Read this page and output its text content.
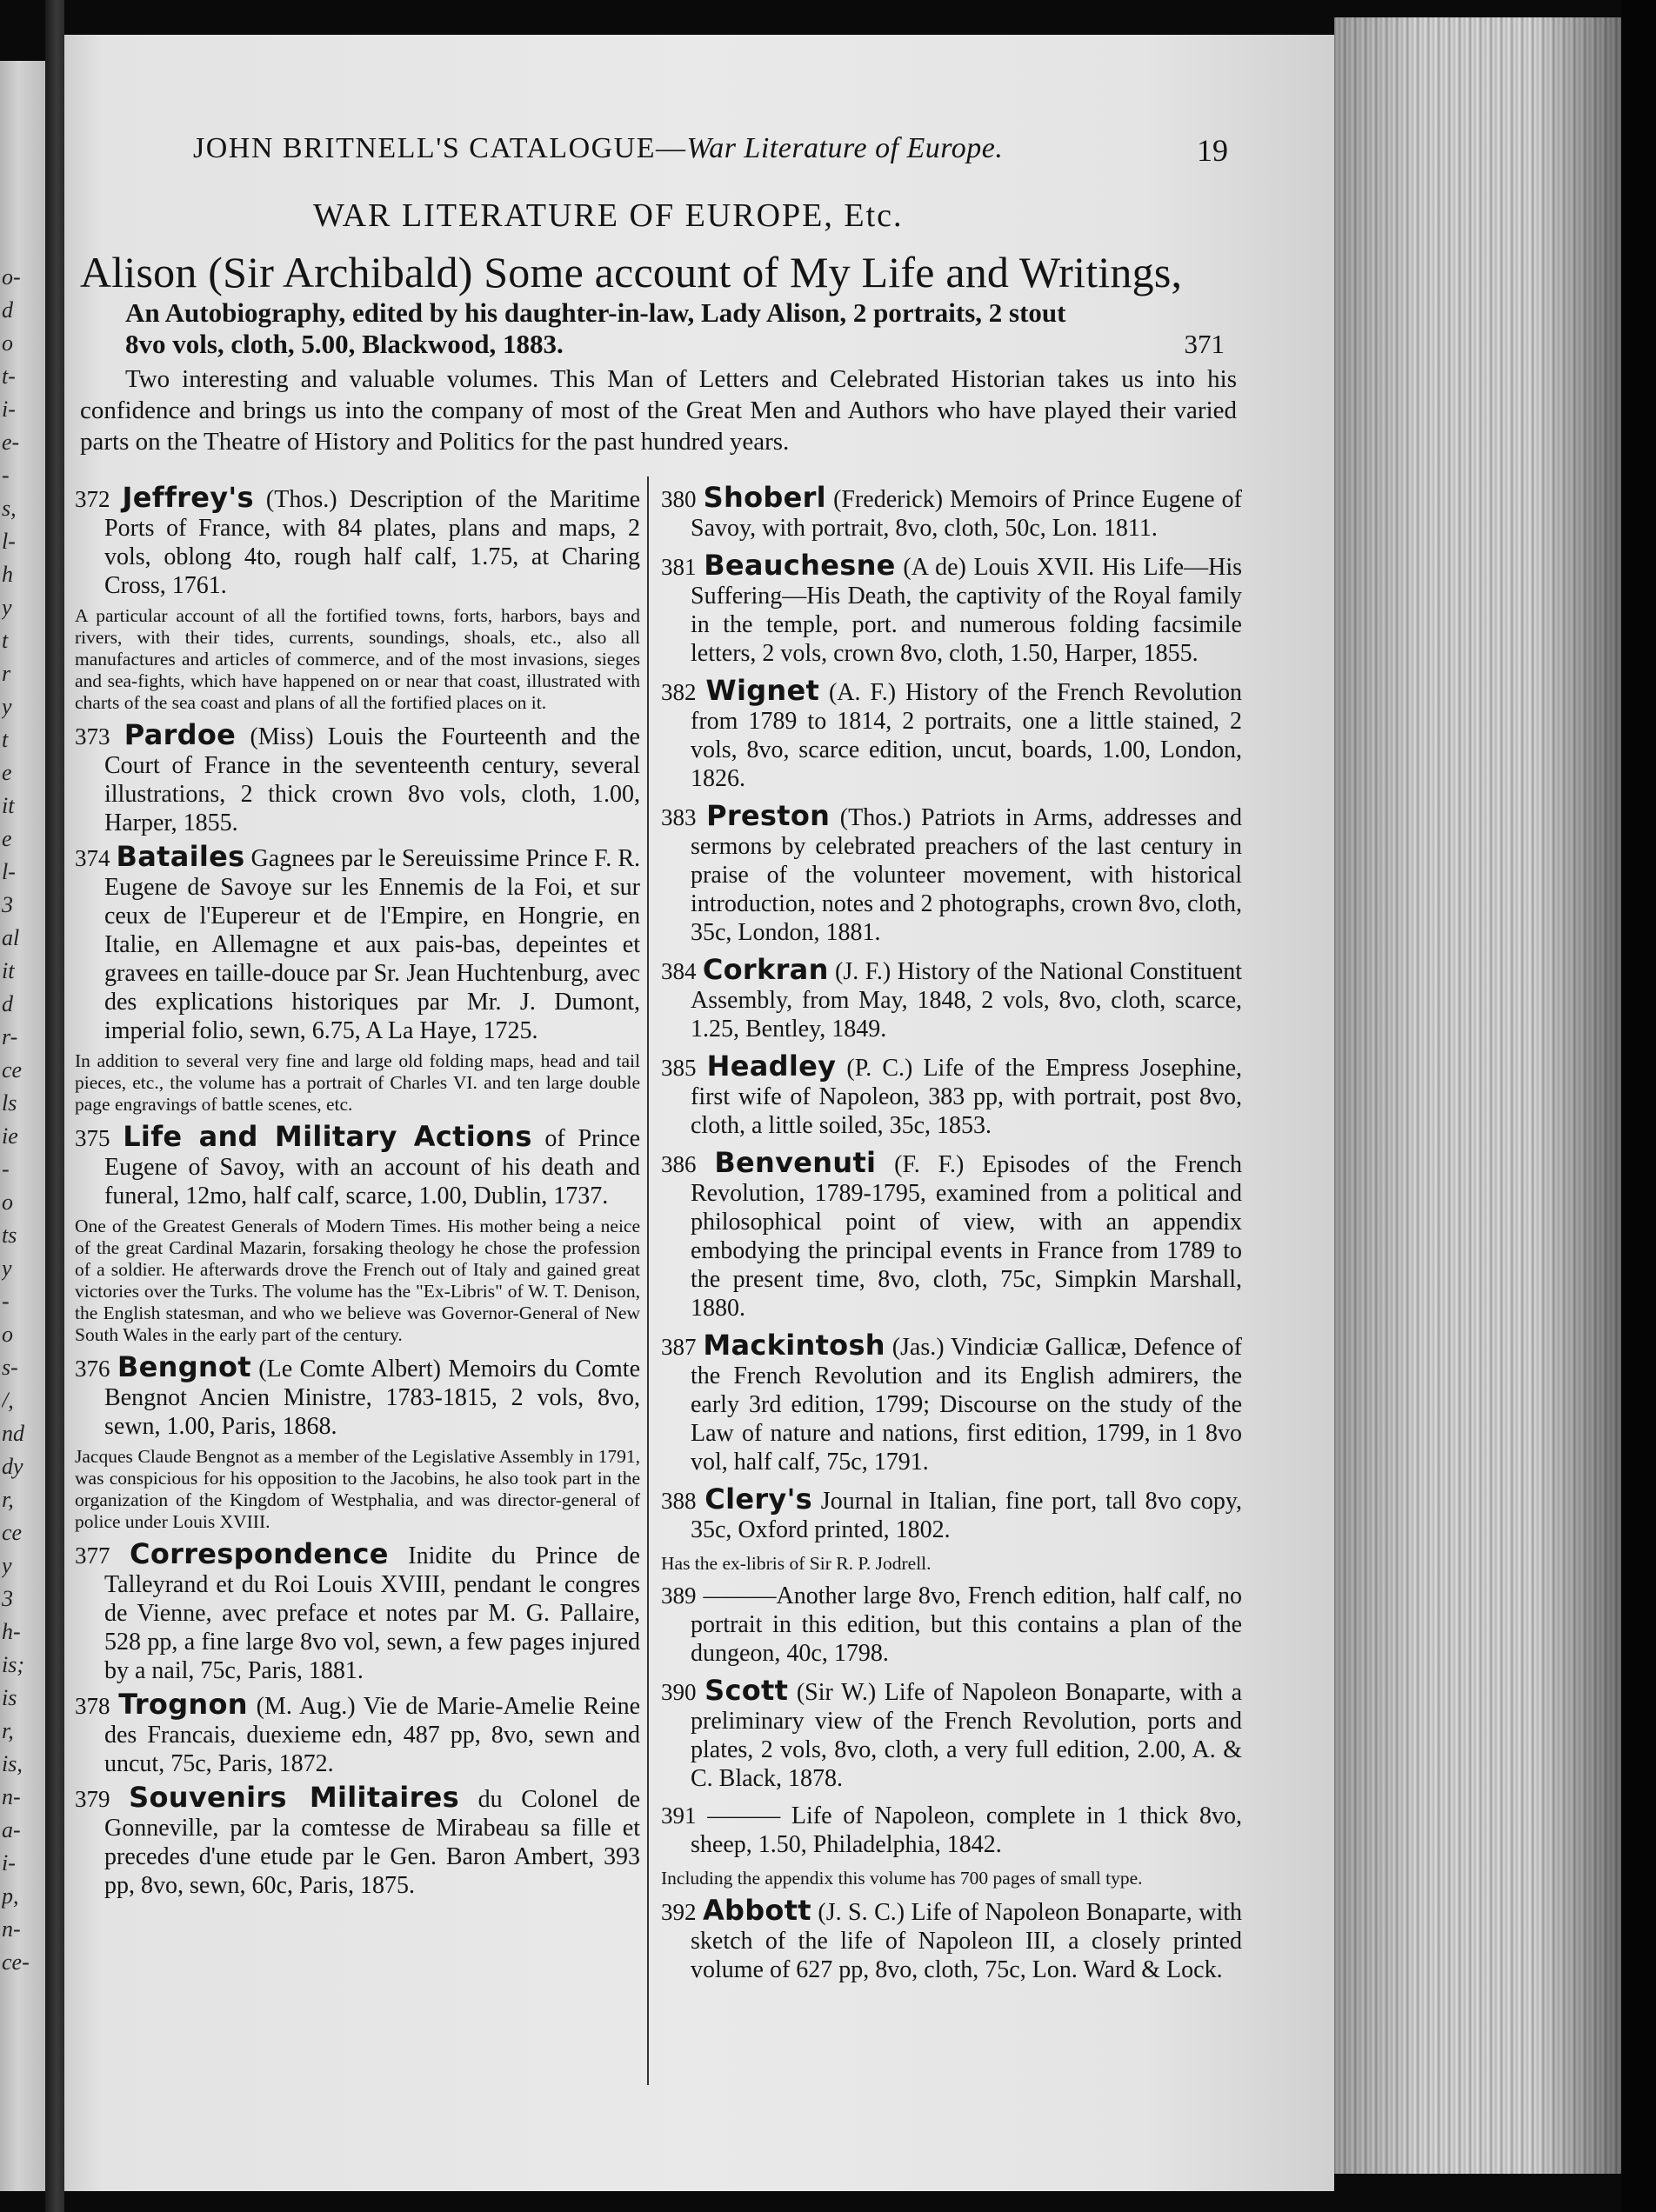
o-
d
o
t-
i-
e-
-
s,
l-
h
y
t
r
y
t
e
it
e
l-
3
al
it
d
r-
ce
ls
ie
-
o
ts
y
-
o
s-
/,
nd
dy
r,
ce
y
3
h-
is;
is
r,
is,
n-
a-
i-
p,
n-
ce-
JOHN BRITNELL'S CATALOGUE—War Literature of Europe.	19
WAR LITERATURE OF EUROPE, Etc.
Alison (Sir Archibald) Some account of My Life and Writings,
An Autobiography, edited by his daughter-in-law, Lady Alison, 2 portraits, 2 stout
8vo vols, cloth, 5.00, Blackwood, 1883.	371
Two interesting and valuable volumes. This Man of Letters and Celebrated Historian takes us into his confidence and brings us into the company of most of the Great Men and Authors who have played their varied parts on the Theatre of History and Politics for the past hundred years.
372 Jeffrey's (Thos.) Description of the Maritime Ports of France, with 84 plates, plans and maps, 2 vols, oblong 4to, rough half calf, 1.75, at Charing Cross, 1761.
A particular account of all the fortified towns, forts, harbors, bays and rivers, with their tides, currents, soundings, shoals, etc., also all manufactures and articles of commerce, and of the most invasions, sieges and sea-fights, which have happened on or near that coast, illustrated with charts of the sea coast and plans of all the fortified places on it.
373 Pardoe (Miss) Louis the Fourteenth and the Court of France in the seventeenth century, several illustrations, 2 thick crown 8vo vols, cloth, 1.00, Harper, 1855.
374 Batailes Gagnees par le Sereuissime Prince F. R. Eugene de Savoye sur les Ennemis de la Foi, et sur ceux de l'Eupereur et de l'Empire, en Hongrie, en Italie, en Allemagne et aux pais-bas, depeintes et gravees en taille-douce par Sr. Jean Huchtenburg, avec des explications historiques par Mr. J. Dumont, imperial folio, sewn, 6.75, A La Haye, 1725.
In addition to several very fine and large old folding maps, head and tail pieces, etc., the volume has a portrait of Charles VI. and ten large double page engravings of battle scenes, etc.
375 Life and Military Actions of Prince Eugene of Savoy, with an account of his death and funeral, 12mo, half calf, scarce, 1.00, Dublin, 1737.
One of the Greatest Generals of Modern Times. His mother being a neice of the great Cardinal Mazarin, forsaking theology he chose the profession of a soldier. He afterwards drove the French out of Italy and gained great victories over the Turks. The volume has the "Ex-Libris" of W. T. Denison, the English statesman, and who we believe was Governor-General of New South Wales in the early part of the century.
376 Bengnot (Le Comte Albert) Memoirs du Comte Bengnot Ancien Ministre, 1783-1815, 2 vols, 8vo, sewn, 1.00, Paris, 1868.
Jacques Claude Bengnot as a member of the Legislative Assembly in 1791, was conspicious for his opposition to the Jacobins, he also took part in the organization of the Kingdom of Westphalia, and was director-general of police under Louis XVIII.
377 Correspondence Inidite du Prince de Talleyrand et du Roi Louis XVIII, pendant le congres de Vienne, avec preface et notes par M. G. Pallaire, 528 pp, a fine large 8vo vol, sewn, a few pages injured by a nail, 75c, Paris, 1881.
378 Trognon (M. Aug.) Vie de Marie-Amelie Reine des Francais, duexieme edn, 487 pp, 8vo, sewn and uncut, 75c, Paris, 1872.
379 Souvenirs Militaires du Colonel de Gonneville, par la comtesse de Mirabeau sa fille et precedes d'une etude par le Gen. Baron Ambert, 393 pp, 8vo, sewn, 60c, Paris, 1875.
380 Shoberl (Frederick) Memoirs of Prince Eugene of Savoy, with portrait, 8vo, cloth, 50c, Lon. 1811.
381 Beauchesne (A de) Louis XVII. His Life—His Suffering—His Death, the captivity of the Royal family in the temple, port. and numerous folding facsimile letters, 2 vols, crown 8vo, cloth, 1.50, Harper, 1855.
382 Wignet (A. F.) History of the French Revolution from 1789 to 1814, 2 portraits, one a little stained, 2 vols, 8vo, scarce edition, uncut, boards, 1.00, London, 1826.
383 Preston (Thos.) Patriots in Arms, addresses and sermons by celebrated preachers of the last century in praise of the volunteer movement, with historical introduction, notes and 2 photographs, crown 8vo, cloth, 35c, London, 1881.
384 Corkran (J. F.) History of the National Constituent Assembly, from May, 1848, 2 vols, 8vo, cloth, scarce, 1.25, Bentley, 1849.
385 Headley (P. C.) Life of the Empress Josephine, first wife of Napoleon, 383 pp, with portrait, post 8vo, cloth, a little soiled, 35c, 1853.
386 Benvenuti (F. F.) Episodes of the French Revolution, 1789-1795, examined from a political and philosophical point of view, with an appendix embodying the principal events in France from 1789 to the present time, 8vo, cloth, 75c, Simpkin Marshall, 1880.
387 Mackintosh (Jas.) Vindiciæ Gallicæ, Defence of the French Revolution and its English admirers, the early 3rd edition, 1799; Discourse on the study of the Law of nature and nations, first edition, 1799, in 1 8vo vol, half calf, 75c, 1791.
388 Clery's Journal in Italian, fine port, tall 8vo copy, 35c, Oxford printed, 1802.
Has the ex-libris of Sir R. P. Jodrell.
389 ———Another large 8vo, French edition, half calf, no portrait in this edition, but this contains a plan of the dungeon, 40c, 1798.
390 Scott (Sir W.) Life of Napoleon Bonaparte, with a preliminary view of the French Revolution, ports and plates, 2 vols, 8vo, cloth, a very full edition, 2.00, A. & C. Black, 1878.
391 ——— Life of Napoleon, complete in 1 thick 8vo, sheep, 1.50, Philadelphia, 1842.
Including the appendix this volume has 700 pages of small type.
392 Abbott (J. S. C.) Life of Napoleon Bonaparte, with sketch of the life of Napoleon III, a closely printed volume of 627 pp, 8vo, cloth, 75c, Lon. Ward & Lock.
